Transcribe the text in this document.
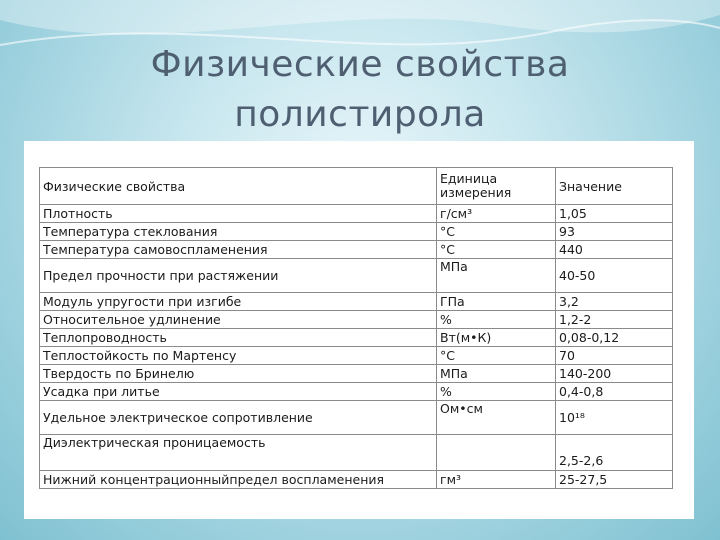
Физические свойства
полистирола
Физические свойства	Единица измерения	Значение
Плотность	г/см³	1,05
Температура стеклования	°С	93
Температура самовоспламенения	°С	440
Предел прочности при растяжении	МПа	40-50
Модуль упругости при изгибе	ГПа	3,2
Относительное удлинение	%	1,2-2
Теплопроводность	Вт(м•К)	0,08-0,12
Теплостойкость по Мартенсу	°С	70
Твердость по Бринелю	МПа	140-200
Усадка при литье	%	0,4-0,8
Удельное электрическое сопротивление	Ом•см	10¹⁸
Диэлектрическая проницаемость		2,5-2,6
Нижний концентрационныйпредел воспламенения	гм³	25-27,5
